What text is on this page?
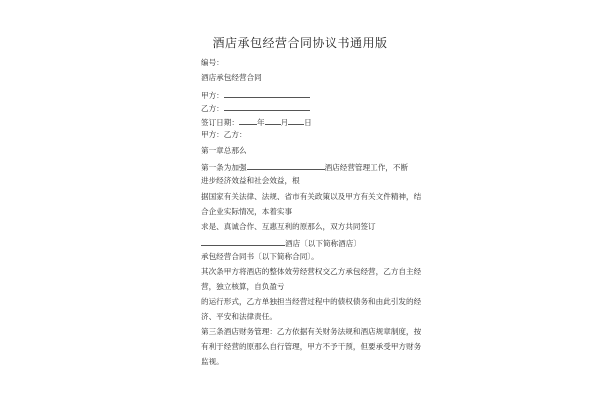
酒店承包经营合同协议书通用版
编号：
酒店承包经营合同
甲方：
乙方：
签订日期： 年 月 日
甲方：乙方：
第一章总那么
第一条为加强	酒店经营管理工作，不断
进步经济效益和社会效益，根
据国家有关法律、法规、省市有关政策以及甲方有关文件精神，结
合企业实际情况，本着实事
求是、真诚合作、互惠互利的原那么，双方共同签订
酒店〔以下简称酒店〕
承包经营合同书〔以下简称合同〕。
其次条甲方将酒店的整体效劳经营权交乙方承包经营，乙方自主经
营，独立核算，自负盈亏
的运行形式，乙方单独担当经营过程中的债权债务和由此引发的经
济、平安和法律责任。
第三条酒店财务管理：乙方依据有关财务法规和酒店规章制度，按
有利于经营的原那么自行管理，甲方不予干预，但要承受甲方财务
监视。
